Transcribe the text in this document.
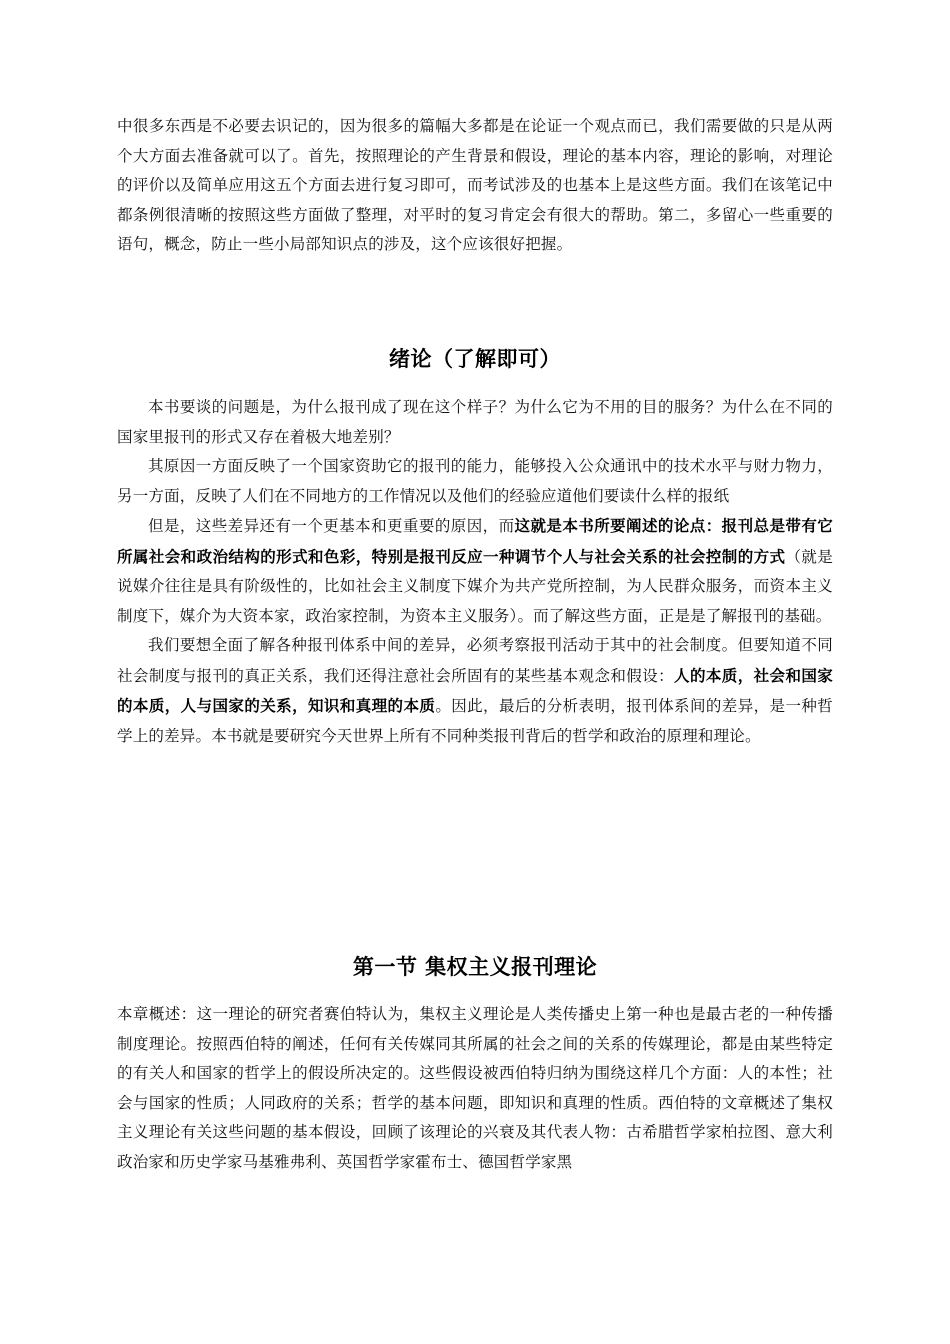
中很多东西是不必要去识记的，因为很多的篇幅大多都是在论证一个观点而已，我们需要做的只是从两个大方面去准备就可以了。首先，按照理论的产生背景和假设，理论的基本内容，理论的影响，对理论的评价以及简单应用这五个方面去进行复习即可，而考试涉及的也基本上是这些方面。我们在该笔记中都条例很清晰的按照这些方面做了整理，对平时的复习肯定会有很大的帮助。第二，多留心一些重要的语句，概念，防止一些小局部知识点的涉及，这个应该很好把握。

绪论（了解即可）

本书要谈的问题是，为什么报刊成了现在这个样子？为什么它为不用的目的服务？为什么在不同的国家里报刊的形式又存在着极大地差别？

其原因一方面反映了一个国家资助它的报刊的能力，能够投入公众通讯中的技术水平与财力物力，另一方面，反映了人们在不同地方的工作情况以及他们的经验应道他们要读什么样的报纸

但是，这些差异还有一个更基本和更重要的原因，而这就是本书所要阐述的论点：报刊总是带有它所属社会和政治结构的形式和色彩，特别是报刊反应一种调节个人与社会关系的社会控制的方式（就是说媒介往往是具有阶级性的，比如社会主义制度下媒介为共产党所控制，为人民群众服务，而资本主义制度下，媒介为大资本家，政治家控制，为资本主义服务）。而了解这些方面，正是是了解报刊的基础。

我们要想全面了解各种报刊体系中间的差异，必须考察报刊活动于其中的社会制度。但要知道不同社会制度与报刊的真正关系，我们还得注意社会所固有的某些基本观念和假设：人的本质，社会和国家的本质，人与国家的关系，知识和真理的本质。因此，最后的分析表明，报刊体系间的差异，是一种哲学上的差异。本书就是要研究今天世界上所有不同种类报刊背后的哲学和政治的原理和理论。

第一节 集权主义报刊理论

本章概述：这一理论的研究者赛伯特认为，集权主义理论是人类传播史上第一种也是最古老的一种传播制度理论。按照西伯特的阐述，任何有关传媒同其所属的社会之间的关系的传媒理论，都是由某些特定的有关人和国家的哲学上的假设所决定的。这些假设被西伯特归纳为围绕这样几个方面：人的本性；社会与国家的性质；人同政府的关系；哲学的基本问题，即知识和真理的性质。西伯特的文章概述了集权主义理论有关这些问题的基本假设，回顾了该理论的兴衰及其代表人物：古希腊哲学家柏拉图、意大利政治家和历史学家马基雅弗利、英国哲学家霍布士、德国哲学家黑
